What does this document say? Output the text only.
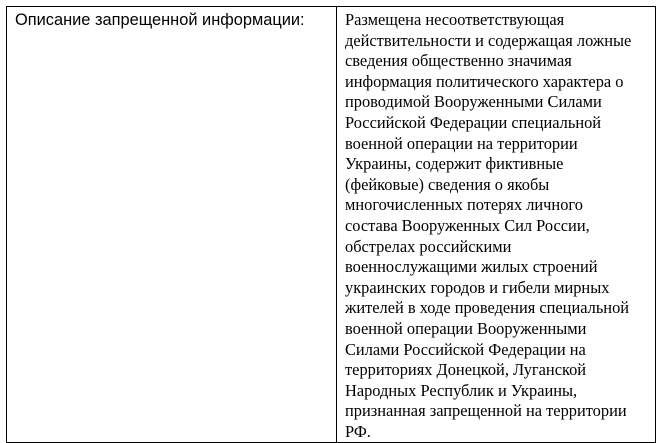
Описание запрещенной информации:	Размещена несоответствующая
действительности и содержащая ложные
сведения общественно значимая
информация политического характера о
проводимой Вооруженными Силами
Российской Федерации специальной
военной операции на территории
Украины, содержит фиктивные
(фейковые) сведения о якобы
многочисленных потерях личного
состава Вооруженных Сил России,
обстрелах российскими
военнослужащими жилых строений
украинских городов и гибели мирных
жителей в ходе проведения специальной
военной операции Вооруженными
Силами Российской Федерации на
территориях Донецкой, Луганской
Народных Республик и Украины,
признанная запрещенной на территории
РФ.
